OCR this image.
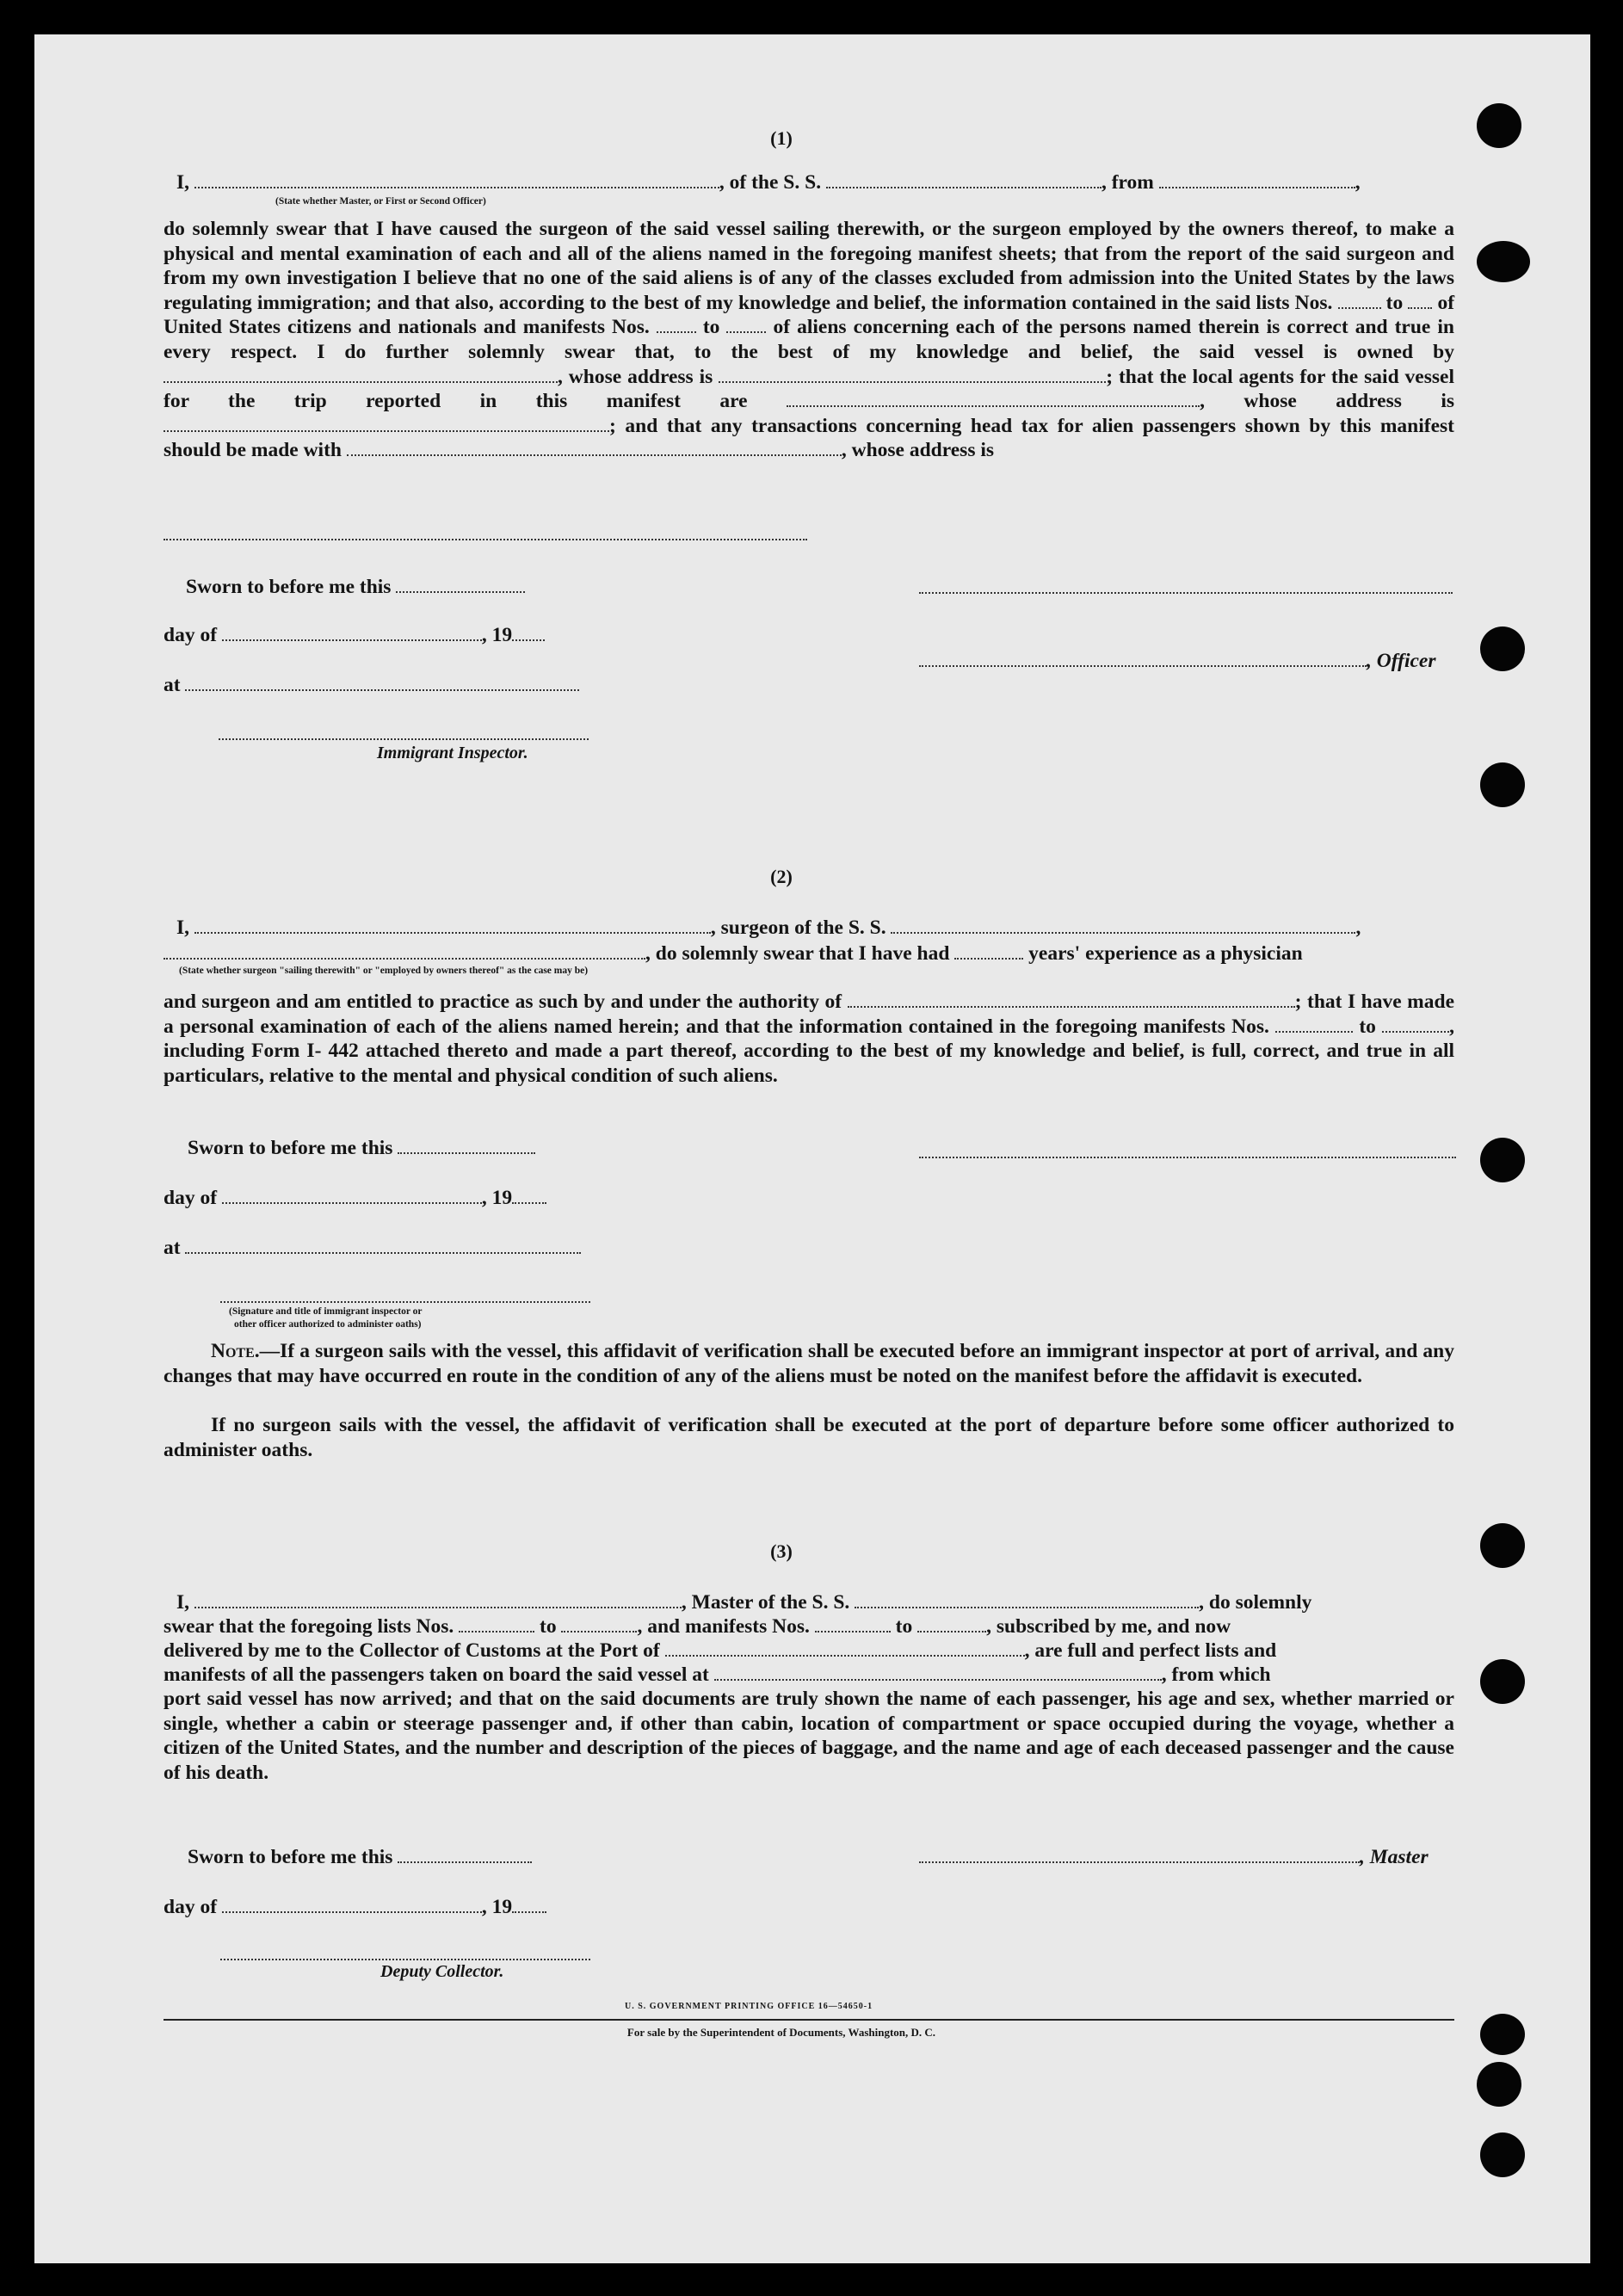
(1)
I,	, of the S. S.	, from	,
(State whether Master, or First or Second Officer)

do solemnly swear that I have caused the surgeon of the said vessel sailing therewith, or the surgeon employed by the owners thereof, to make a physical and mental examination of each and all of the aliens named in the foregoing manifest sheets; that from the report of the said surgeon and from my own investigation I believe that no one of the said aliens is of any of the classes excluded from admission into the United States by the laws regulating immigration; and that also, according to the best of my knowledge and belief, the information contained in the said lists Nos.	to of United States citizens and nationals and manifests Nos.	to	of aliens concerning each of the persons named therein is correct and true in every respect. I do further solemnly swear that, to the best of my knowledge and belief, the said vessel is owned by , whose address is	; that the local agents for the said vessel for the trip reported in this manifest are	, whose address is ; and that any transactions concerning head tax for alien passengers shown by this manifest should be made with	, whose address is

Sworn to before me this
day of	, 19
, Officer
at
Immigrant Inspector.
(2)
I,	, surgeon of the S. S.	,
, do solemnly swear that I have had	years' experience as a physician
(State whether surgeon "sailing therewith" or "employed by owners thereof" as the case may be)

and surgeon and am entitled to practice as such by and under the authority of	; that I have made a personal examination of each of the aliens named herein; and that the information contained in the foregoing manifests Nos.	to	, including Form I- 442 attached thereto and made a part thereof, according to the best of my knowledge and belief, is full, correct, and true in all particulars, relative to the mental and physical condition of such aliens.

Sworn to before me this
day of	, 19
at
(Signature and title of immigrant inspector or
other officer authorized to administer oaths)

Note.—If a surgeon sails with the vessel, this affidavit of verification shall be executed before an immigrant inspector at port of arrival, and any changes that may have occurred en route in the condition of any of the aliens must be noted on the manifest before the affidavit is executed.

If no surgeon sails with the vessel, the affidavit of verification shall be executed at the port of departure before some officer authorized to administer oaths.

(3)
I,	, Master of the S. S.	, do solemnly
swear that the foregoing lists Nos.	to	, and manifests Nos.	to	, subscribed by me, and now
delivered by me to the Collector of Customs at the Port of	, are full and perfect lists and
manifests of all the passengers taken on board the said vessel at	, from which

port said vessel has now arrived; and that on the said documents are truly shown the name of each passenger, his age and sex, whether married or single, whether a cabin or steerage passenger and, if other than cabin, location of compartment or space occupied during the voyage, whether a citizen of the United States, and the number and description of the pieces of baggage, and the name and age of each deceased passenger and the cause of his death.

Sworn to before me this	, Master
day of	, 19
Deputy Collector.
U. S. GOVERNMENT PRINTING OFFICE 16—54650-1
For sale by the Superintendent of Documents, Washington, D. C.
